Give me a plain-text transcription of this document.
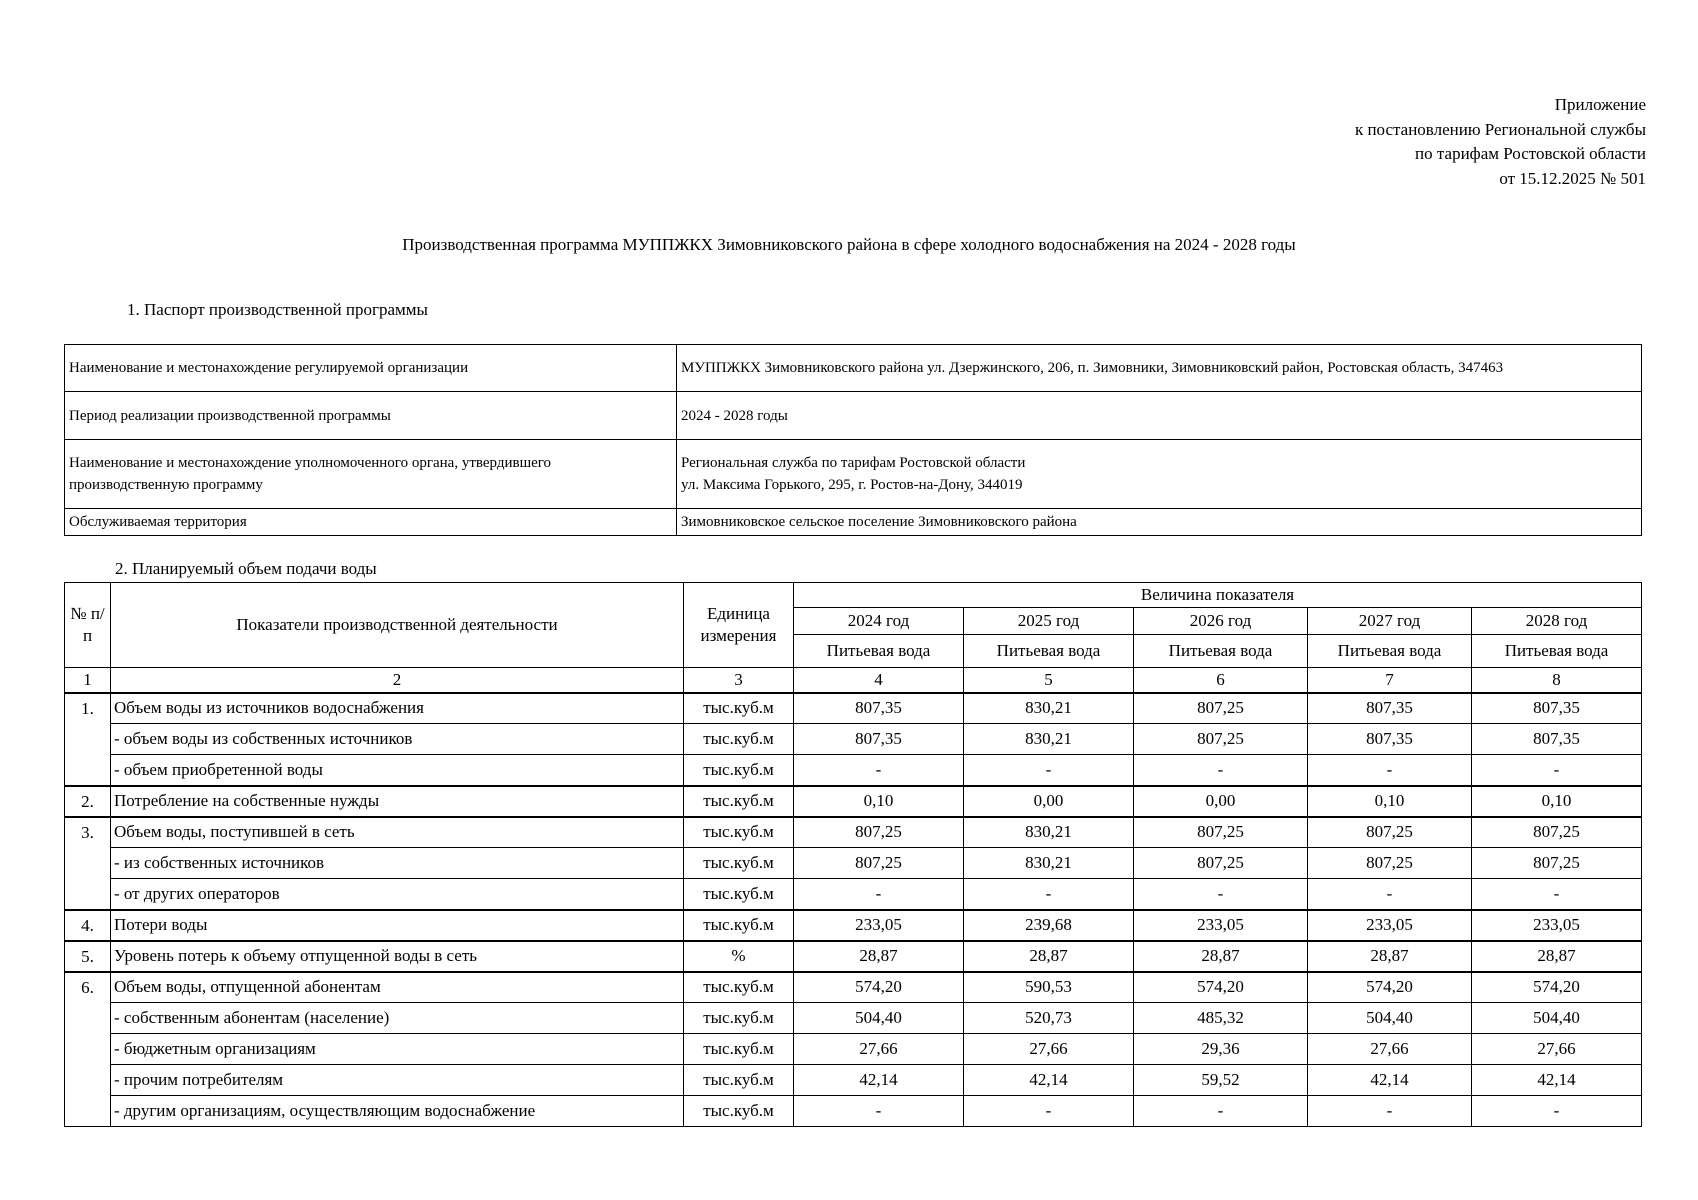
Приложение
к постановлению Региональной службы
по тарифам Ростовской области
от 15.12.2025 № 501
Производственная программа МУППЖКХ Зимовниковского района в сфере холодного водоснабжения на 2024 - 2028 годы
1. Паспорт производственной программы
Наименование и местонахождение регулируемой организации	МУППЖКХ Зимовниковского района ул. Дзержинского, 206, п. Зимовники, Зимовниковский район, Ростовская область, 347463

Период реализации производственной программы	2024 - 2028 годы

Наименование и местонахождение уполномоченного органа, утвердившего производственную программу	Региональная служба по тарифам Ростовской области
ул. Максима Горького, 295, г. Ростов-на-Дону, 344019

Обслуживаемая территория	Зимовниковское сельское поселение Зимовниковского района
2. Планируемый объем подачи воды
№ п/п	Показатели производственной деятельности	Единица измерения	Величина показателя				
			2024 год	2025 год	2026 год	2027 год	2028 год
			Питьевая вода	Питьевая вода	Питьевая вода	Питьевая вода	Питьевая вода
1	2	3	4	5	6	7	8
1.	Объем воды из источников водоснабжения	тыс.куб.м	807,35	830,21	807,25	807,35	807,35
	- объем воды из собственных источников	тыс.куб.м	807,35	830,21	807,25	807,35	807,35
	- объем приобретенной воды	тыс.куб.м	-	-	-	-	-
2.	Потребление на собственные нужды	тыс.куб.м	0,10	0,00	0,00	0,10	0,10
3.	Объем воды, поступившей в сеть	тыс.куб.м	807,25	830,21	807,25	807,25	807,25
	- из собственных источников	тыс.куб.м	807,25	830,21	807,25	807,25	807,25
	- от других операторов	тыс.куб.м	-	-	-	-	-
4.	Потери воды	тыс.куб.м	233,05	239,68	233,05	233,05	233,05
5.	Уровень потерь к объему отпущенной воды в сеть	%	28,87	28,87	28,87	28,87	28,87
6.	Объем воды, отпущенной абонентам	тыс.куб.м	574,20	590,53	574,20	574,20	574,20
	- собственным абонентам (население)	тыс.куб.м	504,40	520,73	485,32	504,40	504,40
	- бюджетным организациям	тыс.куб.м	27,66	27,66	29,36	27,66	27,66
	- прочим потребителям	тыс.куб.м	42,14	42,14	59,52	42,14	42,14
	- другим организациям, осуществляющим водоснабжение	тыс.куб.м	-	-	-	-	-
